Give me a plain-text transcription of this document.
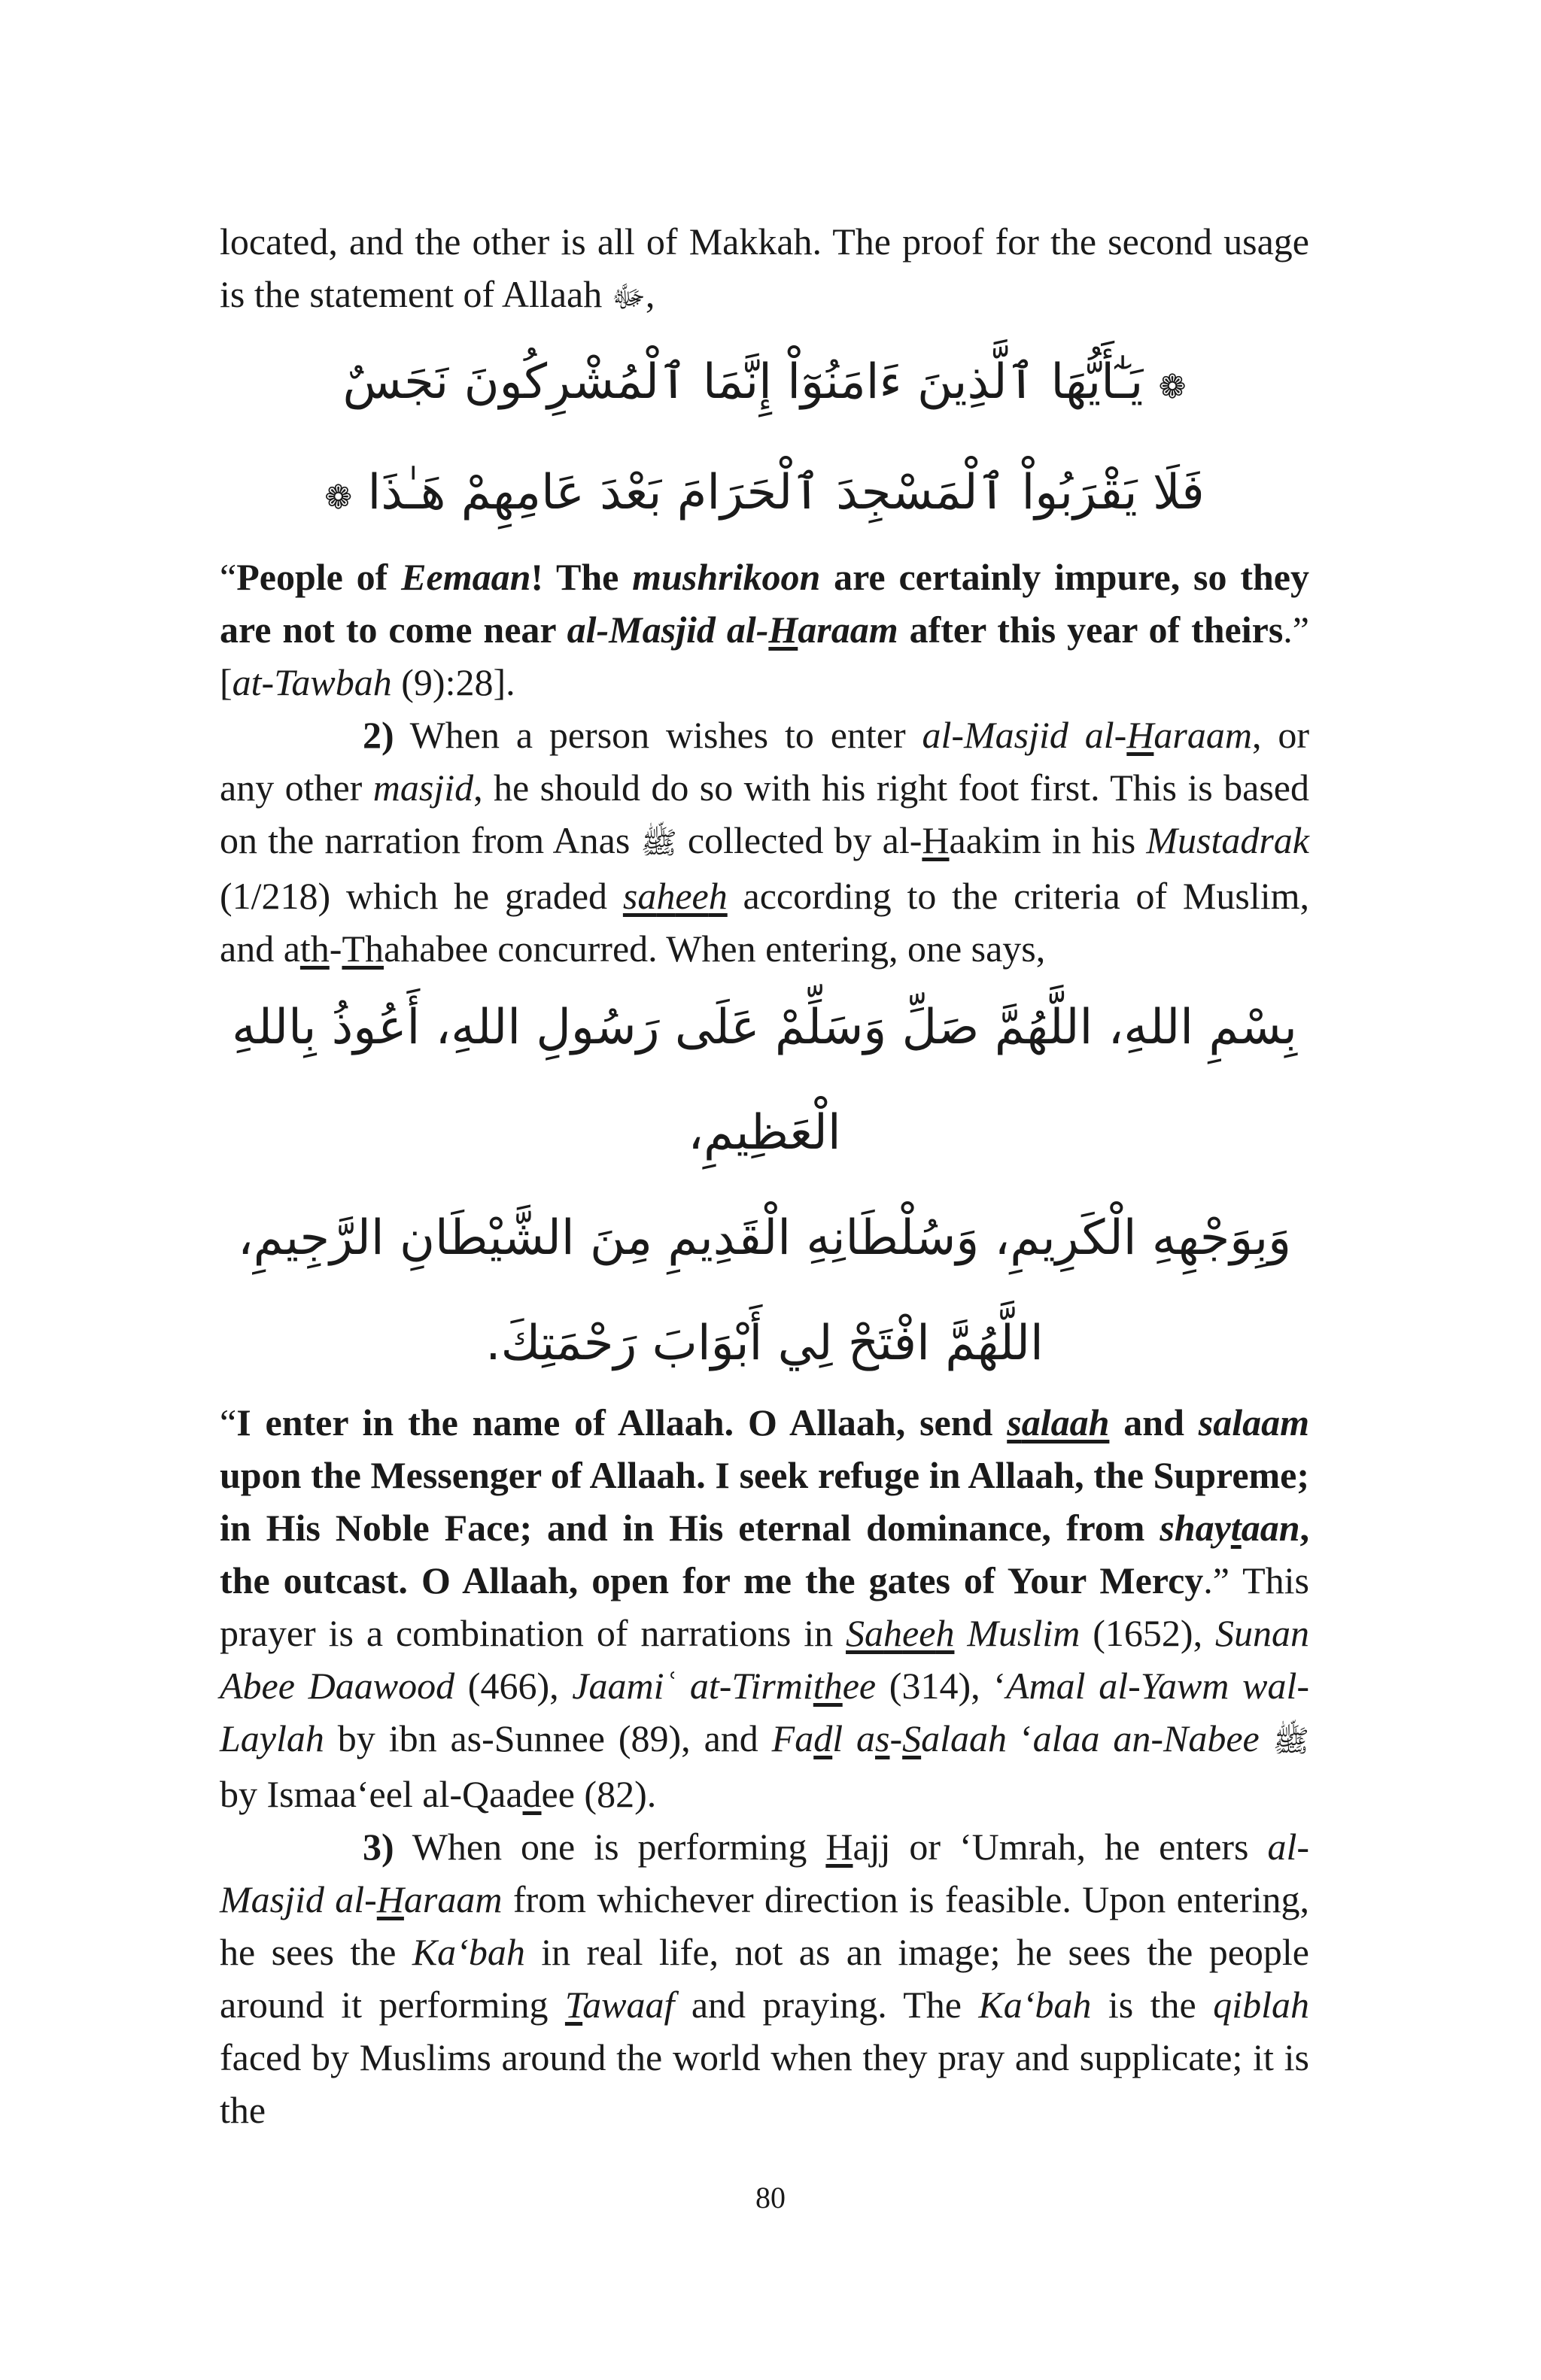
located, and the other is all of Makkah. The proof for the second usage is the statement of Allaah ﷻ,

❁ يَـٰٓأَيُّهَا ٱلَّذِينَ ءَامَنُوٓاْ إِنَّمَا ٱلْمُشْرِكُونَ نَجَسٌ

فَلَا يَقْرَبُواْ ٱلْمَسْجِدَ ٱلْحَرَامَ بَعْدَ عَامِهِمْ هَـٰذَا ❁

“People of Eemaan! The mushrikoon are certainly impure, so they are not to come near al-Masjid al-Haraam after this year of theirs.” [at-Tawbah (9):28].

2) When a person wishes to enter al-Masjid al-Haraam, or any other masjid, he should do so with his right foot first. This is based on the narration from Anas ﷺ collected by al-Haakim in his Mustadrak (1/218) which he graded saheeh according to the criteria of Muslim, and ath-Thahabee concurred. When entering, one says,

بِسْمِ اللهِ، اللَّهُمَّ صَلِّ وَسَلِّمْ عَلَى رَسُولِ اللهِ، أَعُوذُ بِاللهِ الْعَظِيمِ،

وَبِوَجْهِهِ الْكَرِيمِ، وَسُلْطَانِهِ الْقَدِيمِ مِنَ الشَّيْطَانِ الرَّجِيمِ،

اللَّهُمَّ افْتَحْ لِي أَبْوَابَ رَحْمَتِكَ.

“I enter in the name of Allaah. O Allaah, send salaah and salaam upon the Messenger of Allaah. I seek refuge in Allaah, the Supreme; in His Noble Face; and in His eternal dominance, from shaytaan, the outcast. O Allaah, open for me the gates of Your Mercy.” This prayer is a combination of narrations in Saheeh Muslim (1652), Sunan Abee Daawood (466), Jaamiʿ at-Tirmithee (314), ‘Amal al-Yawm wal-Laylah by ibn as-Sunnee (89), and Fadl as-Salaah ‘alaa an-Nabee ﷺ by Ismaa‘eel al-Qaadee (82).

3) When one is performing Hajj or ‘Umrah, he enters al-Masjid al-Haraam from whichever direction is feasible. Upon entering, he sees the Ka‘bah in real life, not as an image; he sees the people around it performing Tawaaf and praying. The Ka‘bah is the qiblah faced by Muslims around the world when they pray and supplicate; it is the

80
